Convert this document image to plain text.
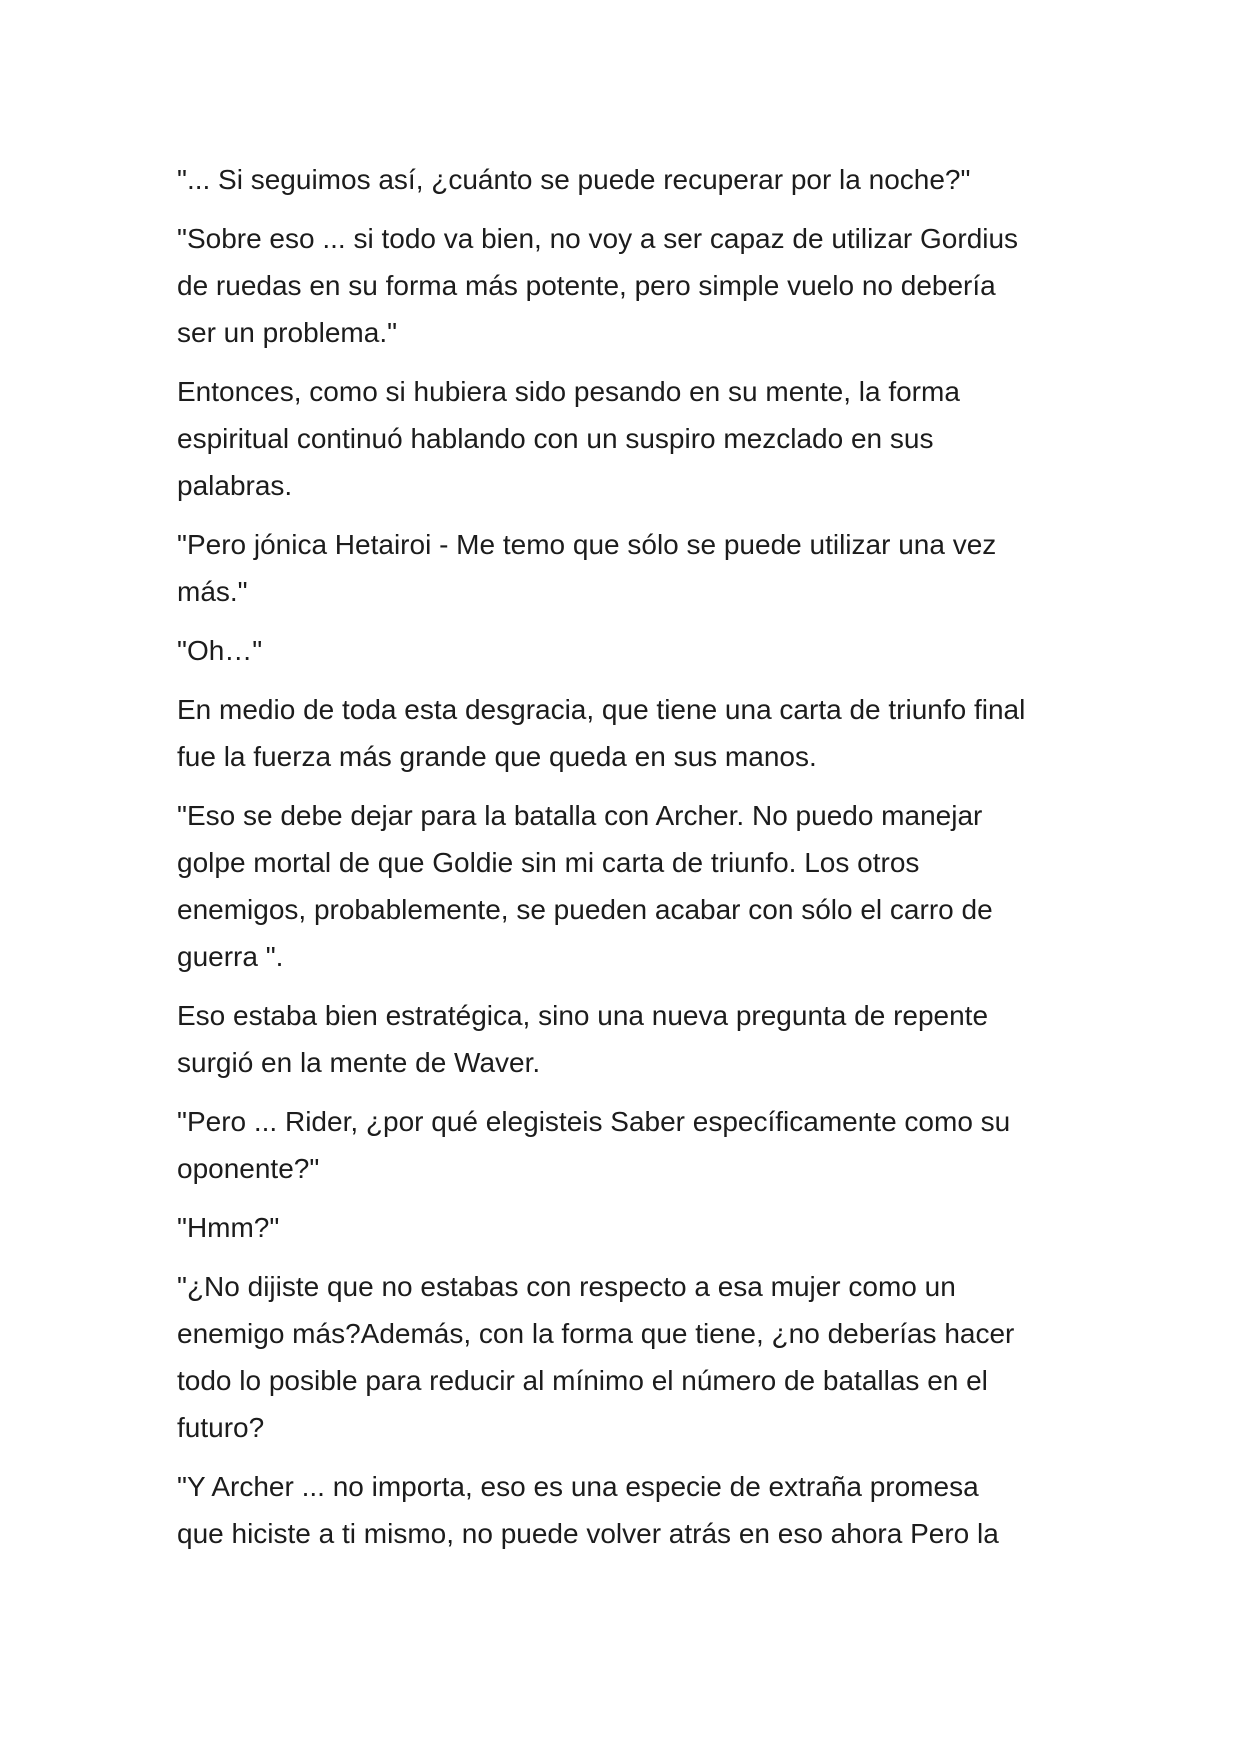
"... Si seguimos así, ¿cuánto se puede recuperar por la noche?"

"Sobre eso ... si todo va bien, no voy a ser capaz de utilizar Gordius
de ruedas en su forma más potente, pero simple vuelo no debería
ser un problema."

Entonces, como si hubiera sido pesando en su mente, la forma
espiritual continuó hablando con un suspiro mezclado en sus
palabras.

"Pero jónica Hetairoi - Me temo que sólo se puede utilizar una vez
más."

"Oh…"

En medio de toda esta desgracia, que tiene una carta de triunfo final
fue la fuerza más grande que queda en sus manos.

"Eso se debe dejar para la batalla con Archer. No puedo manejar
golpe mortal de que Goldie sin mi carta de triunfo. Los otros
enemigos, probablemente, se pueden acabar con sólo el carro de
guerra ".

Eso estaba bien estratégica, sino una nueva pregunta de repente
surgió en la mente de Waver.

"Pero ... Rider, ¿por qué elegisteis Saber específicamente como su
oponente?"

"Hmm?"

"¿No dijiste que no estabas con respecto a esa mujer como un
enemigo más?Además, con la forma que tiene, ¿no deberías hacer
todo lo posible para reducir al mínimo el número de batallas en el
futuro?

"Y Archer ... no importa, eso es una especie de extraña promesa
que hiciste a ti mismo, no puede volver atrás en eso ahora Pero la
